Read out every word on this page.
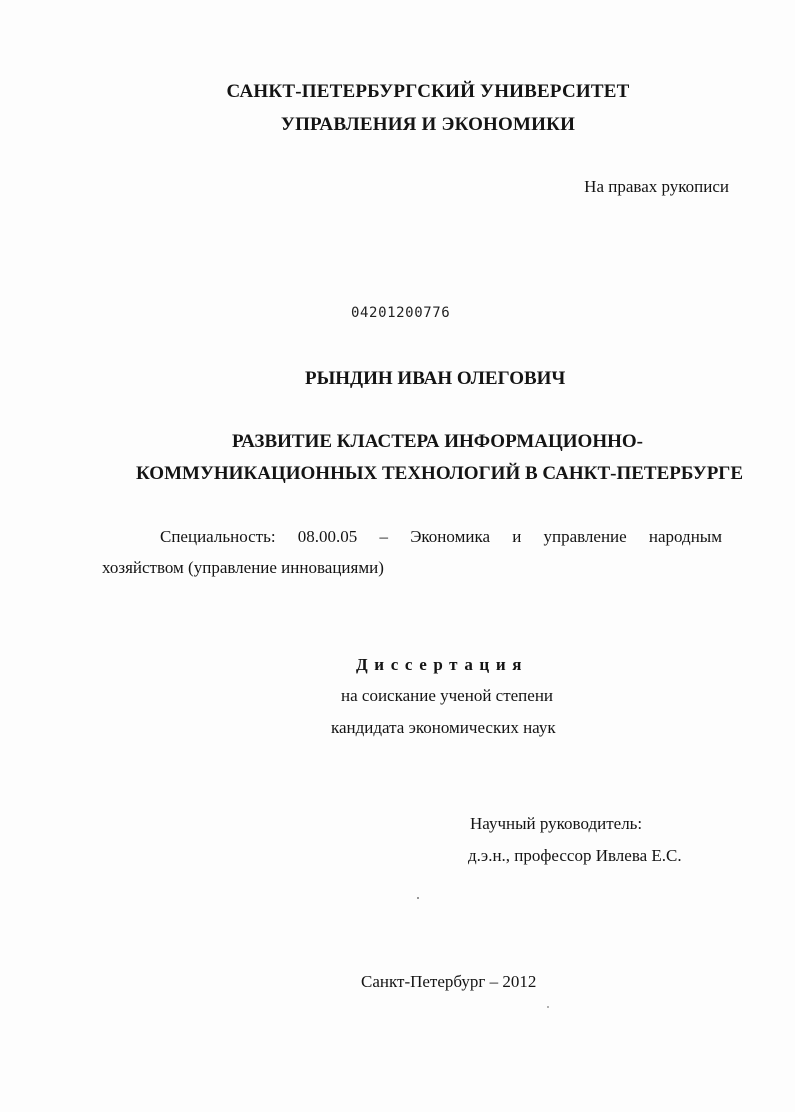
САНКТ-ПЕТЕРБУРГСКИЙ УНИВЕРСИТЕТ
УПРАВЛЕНИЯ И ЭКОНОМИКИ
На правах рукописи
04201200776
РЫНДИН ИВАН ОЛЕГОВИЧ
РАЗВИТИЕ КЛАСТЕРА ИНФОРМАЦИОННО-
КОММУНИКАЦИОННЫХ ТЕХНОЛОГИЙ В САНКТ-ПЕТЕРБУРГЕ
Специальность: 08.00.05 – Экономика и управление народным
хозяйством (управление инновациями)
Диссертация
на соискание ученой степени
кандидата экономических наук
Научный руководитель:
д.э.н., профессор Ивлева Е.С.
Санкт-Петербург – 2012
